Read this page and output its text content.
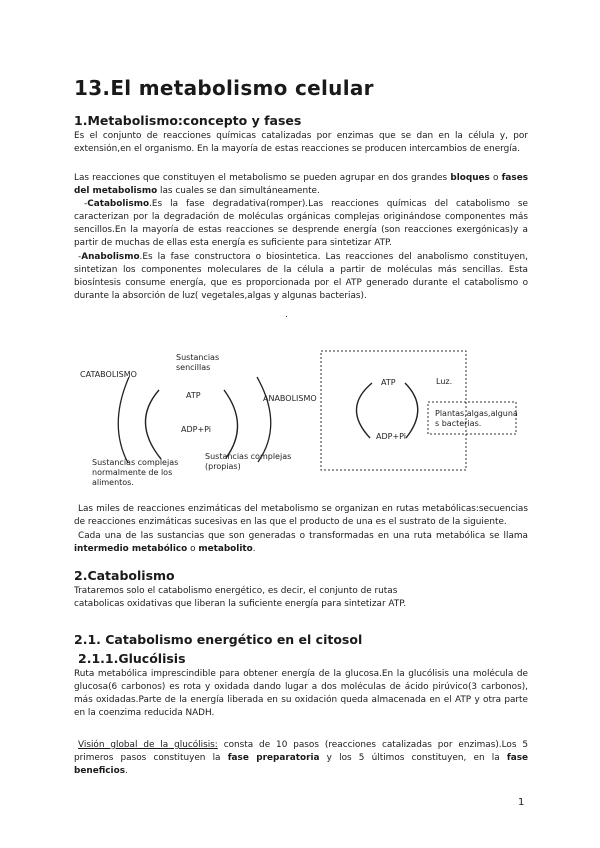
13.El metabolismo celular
1.Metabolismo:concepto y fases
Es el conjunto de reacciones químicas catalizadas por enzimas que se dan en la célula y, por extensión,en el organismo. En la mayoría de estas reacciones se producen intercambios de energía.
Las reacciones que constituyen el metabolismo se pueden agrupar en dos grandes bloques o fases del metabolismo las cuales se dan simultáneamente.
-Catabolismo.Es la fase degradativa(romper).Las reacciones químicas del catabolismo se caracterizan por la degradación de moléculas orgánicas complejas originándose componentes más sencillos.En la mayoría de estas reacciones se desprende energía (son reacciones exergónicas)y a partir de muchas de ellas esta energía es suficiente para sintetizar ATP.
-Anabolismo.Es la fase constructora o biosintetica. Las reacciones del anabolismo constituyen, sintetizan los componentes moleculares de la célula a partir de moléculas más sencillas. Esta biosíntesis consume energía, que es proporcionada por el ATP generado durante el catabolismo o durante la absorción de luz( vegetales,algas y algunas bacterias).
.
CATABOLISMO
Sustancias
sencillas
ATP
ADP+Pi
Sustancias complejas
normalmente de los
alimentos.
Sustancias complejas
(propias)
ANABOLISMO
ATP
ADP+Pi
Luz.
Plantas,algas,alguna
s bacterias.
Las miles de reacciones enzimáticas del metabolismo se organizan en rutas metabólicas:secuencias de reacciones enzimáticas sucesivas en las que el producto de una es el sustrato de la siguiente.
Cada una de las sustancias que son generadas o transformadas en una ruta metabólica se llama intermedio metabólico o metabolito.
2.Catabolismo
Trataremos solo el catabolismo energético, es decir, el conjunto de rutas catabolicas oxidativas que liberan la suficiente energía para sintetizar ATP.
2.1. Catabolismo energético en el citosol
2.1.1.Glucólisis
Ruta metabólica imprescindible para obtener energía de la glucosa.En la glucólisis una molécula de glucosa(6 carbonos) es rota y oxidada dando lugar a dos moléculas de ácido pirúvico(3 carbonos), más oxidadas.Parte de la energía liberada en su oxidación queda almacenada en el ATP y otra parte en la coenzima reducida NADH.
Visión global de la glucólisis: consta de 10 pasos (reacciones catalizadas por enzimas).Los 5 primeros pasos constituyen la fase preparatoria y los 5 últimos constituyen, en la fase beneficios.
1
